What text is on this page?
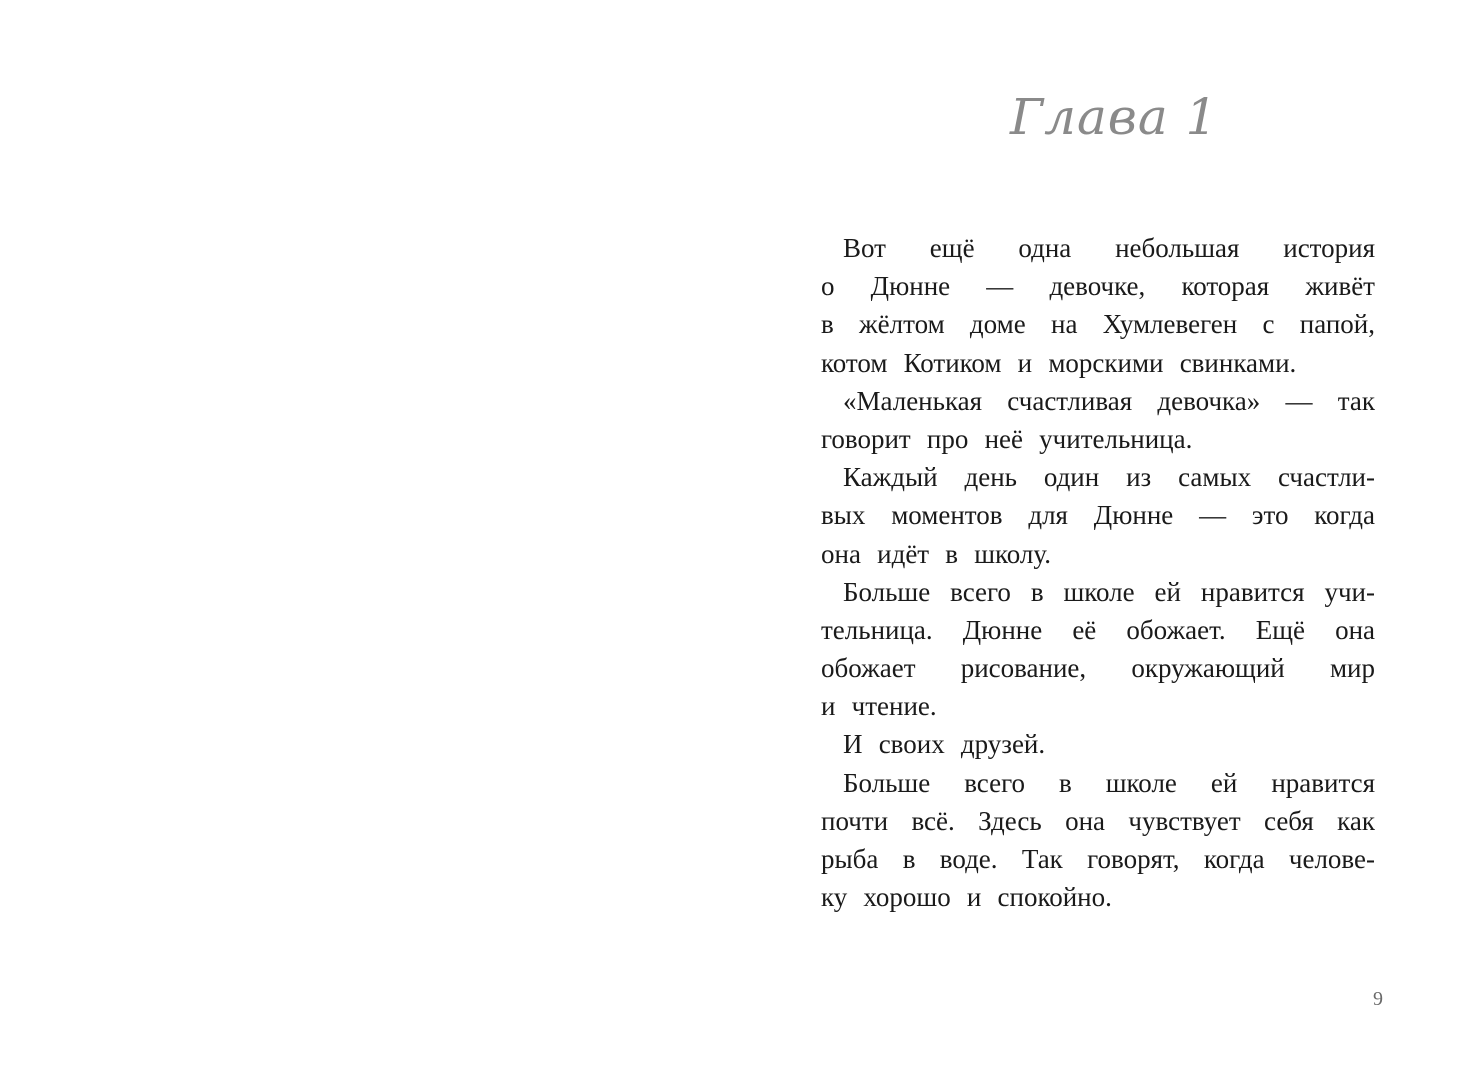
Глава 1
Вот ещё одна небольшая история
о Дюнне — девочке, которая живёт
в жёлтом доме на Хумлевеген с папой,
котом Котиком и морскими свинками.
«Маленькая счастливая девочка» — так
говорит про неё учительница.
Каждый день один из самых счастли-
вых моментов для Дюнне — это когда
она идёт в школу.
Больше всего в школе ей нравится учи-
тельница. Дюнне её обожает. Ещё она
обожает рисование, окружающий мир
и чтение.
И своих друзей.
Больше всего в школе ей нравится
почти всё. Здесь она чувствует себя как
рыба в воде. Так говорят, когда челове-
ку хорошо и спокойно.
9
